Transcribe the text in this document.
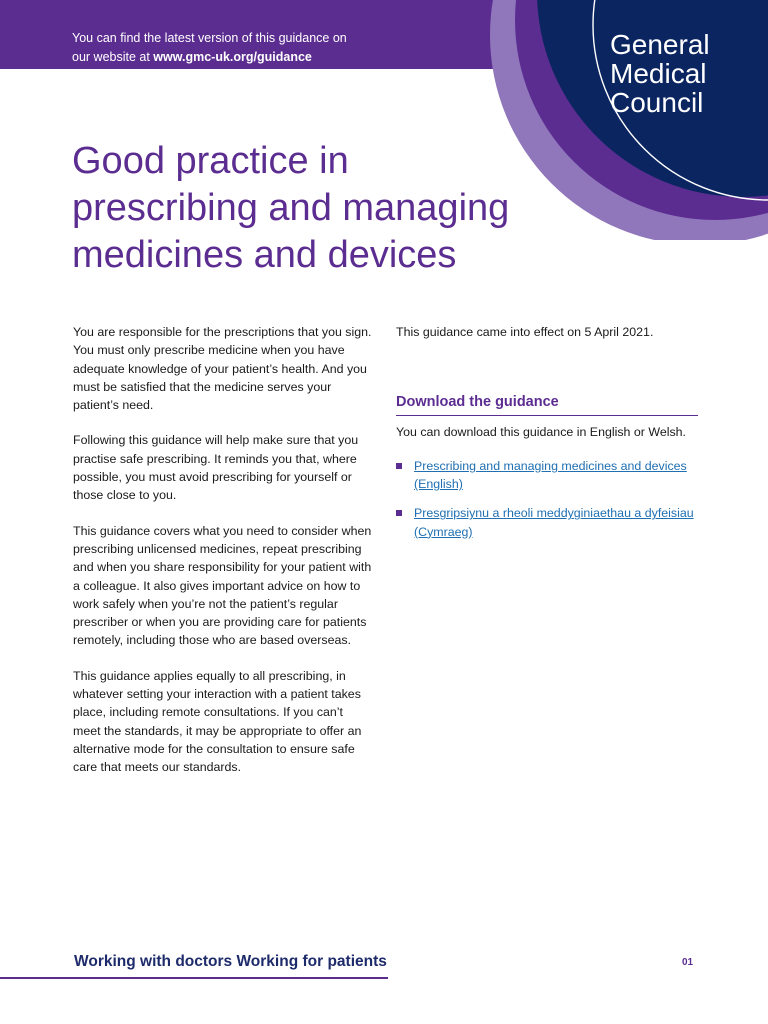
You can find the latest version of this guidance on
our website at www.gmc-uk.org/guidance	General
Medical
Council
Good practice in
prescribing and managing
medicines and devices

You are responsible for the prescriptions that you sign. You must only prescribe medicine when you have adequate knowledge of your patient’s health. And you must be satisfied that the medicine serves your patient’s need.

Following this guidance will help make sure that you practise safe prescribing. It reminds you that, where possible, you must avoid prescribing for yourself or those close to you.

This guidance covers what you need to consider when prescribing unlicensed medicines, repeat prescribing and when you share responsibility for your patient with a colleague. It also gives important advice on how to work safely when you’re not the patient’s regular prescriber or when you are providing care for patients remotely, including those who are based overseas.

This guidance applies equally to all prescribing, in whatever setting your interaction with a patient takes place, including remote consultations. If you can’t meet the standards, it may be appropriate to offer an alternative mode for the consultation to ensure safe care that meets our standards.

This guidance came into effect on 5 April 2021.

Download the guidance

You can download this guidance in English or Welsh.

Prescribing and managing medicines and devices (English)
Presgripsiynu a rheoli meddyginiaethau a dyfeisiau (Cymraeg)
Working with doctors Working for patients	01
